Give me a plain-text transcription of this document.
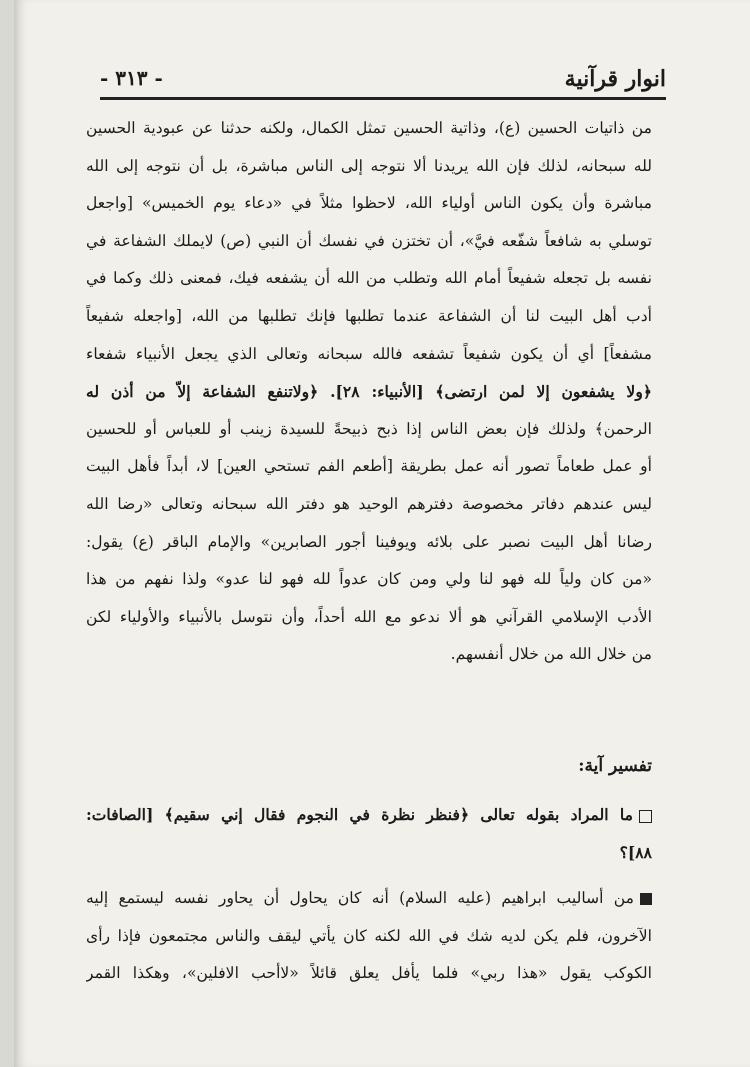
انوار قرآنية
- ٣١٣ -
من ذاتيات الحسين (ع)، وذاتية الحسين تمثل الكمال، ولكنه حدثنا عن عبودية الحسين
لله سبحانه، لذلك فإن الله يريدنا ألا نتوجه إلى الناس مباشرة، بل أن نتوجه إلى الله
مباشرة وأن يكون الناس أولياء الله، لاحظوا مثلاً في «دعاء يوم الخميس» [واجعل
توسلي به شافعاً شفّعه فيَّ»، أن تختزن في نفسك أن النبي (ص) لايملك الشفاعة في
نفسه بل تجعله شفيعاً أمام الله وتطلب من الله أن يشفعه فيك، فمعنى ذلك وكما في
أدب أهل البيت لنا أن الشفاعة عندما تطلبها فإنك تطلبها من الله، [واجعله شفيعاً
مشفعاً] أي أن يكون شفيعاً تشفعه فالله سبحانه وتعالى الذي يجعل الأنبياء شفعاء
﴿ولا يشفعون إلا لمن ارتضى﴾ [الأنبياء: ٢٨]. ﴿ولاتنفع الشفاعة إلاّ من أذن له
الرحمن﴾ ولذلك فإن بعض الناس إذا ذبح ذبيحةً للسيدة زينب أو للعباس أو للحسين
أو عمل طعاماً تصور أنه عمل بطريقة [أطعم الفم تستحي العين] لا، أبداً فأهل البيت
ليس عندهم دفاتر مخصوصة دفترهم الوحيد هو دفتر الله سبحانه وتعالى «رضا الله
رضانا أهل البيت نصبر على بلائه ويوفينا أجور الصابرين» والإمام الباقر (ع) يقول:
«من كان ولياً لله فهو لنا ولي ومن كان عدواً لله فهو لنا عدو» ولذا نفهم من هذا
الأدب الإسلامي القرآني هو ألا ندعو مع الله أحداً، وأن نتوسل بالأنبياء والأولياء لكن
من خلال الله من خلال أنفسهم.
تفسير آية:
ما المراد بقوله تعالى ﴿فنظر نظرة في النجوم فقال إني سقيم﴾ [الصافات:
٨٨]؟
من أساليب ابراهيم (عليه السلام) أنه كان يحاول أن يحاور نفسه ليستمع إليه
الآخرون، فلم يكن لديه شك في الله لكنه كان يأتي ليقف والناس مجتمعون فإذا رأى
الكوكب يقول «هذا ربي» فلما يأفل يعلق قائلاً «لاأحب الافلين»، وهكذا القمر
